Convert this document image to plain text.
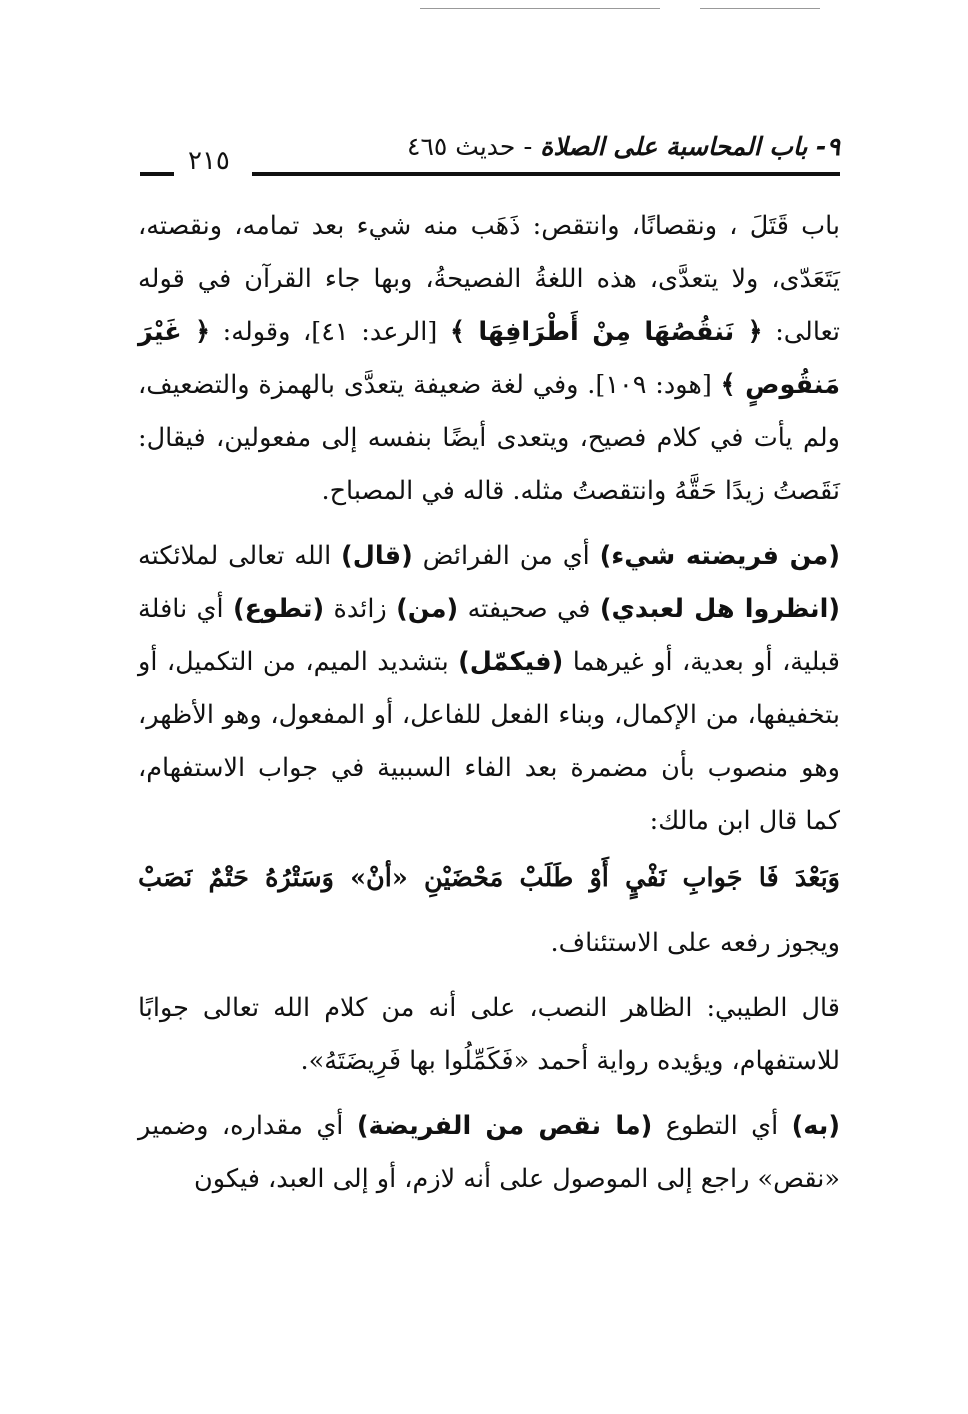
٩- باب المحاسبة على الصلاة - حديث ٤٦٥
٢١٥

باب قَتَلَ ، ونقصانًا، وانتقص: ذَهَب منه شيء بعد تمامه، ونقصته، يَتَعَدّى، ولا يتعدَّى، هذه اللغةُ الفصيحةُ، وبها جاء القرآن في قوله تعالى: ﴿ نَنقُصُهَا مِنْ أَطْرَافِهَا ﴾ [الرعد: ٤١]، وقوله: ﴿ غَيْرَ مَنقُوصٍ ﴾ [هود: ١٠٩]. وفي لغة ضعيفة يتعدَّى بالهمزة والتضعيف، ولم يأت في كلام فصيح، ويتعدى أيضًا بنفسه إلى مفعولين، فيقال: نَقَصتُ زيدًا حَقَّهُ وانتقصتُ مثله. قاله في المصباح.

(من فريضته شيء) أي من الفرائض (قال) الله تعالى لملائكته (انظروا هل لعبدي) في صحيفته (من) زائدة (تطوع) أي نافلة قبلية، أو بعدية، أو غيرهما (فيكمّل) بتشديد الميم، من التكميل، أو بتخفيفها، من الإكمال، وبناء الفعل للفاعل، أو المفعول، وهو الأظهر، وهو منصوب بأن مضمرة بعد الفاء السببية في جواب الاستفهام، كما قال ابن مالك:

وَبَعْدَ فَا جَوابِ نَفْيٍ أَوْ طَلَبْ مَحْضَيْنِ «أنْ» وَسَتْرُهُ حَتْمٌ نَصَبْ

ويجوز رفعه على الاستئناف.

قال الطيبي: الظاهر النصب، على أنه من كلام الله تعالى جوابًا للاستفهام، ويؤيده رواية أحمد «فَكَمِّلُوا بها فَرِيضَتَهُ».

(به) أي التطوع (ما نقص من الفريضة) أي مقداره، وضمير «نقص» راجع إلى الموصول على أنه لازم، أو إلى العبد، فيكون
